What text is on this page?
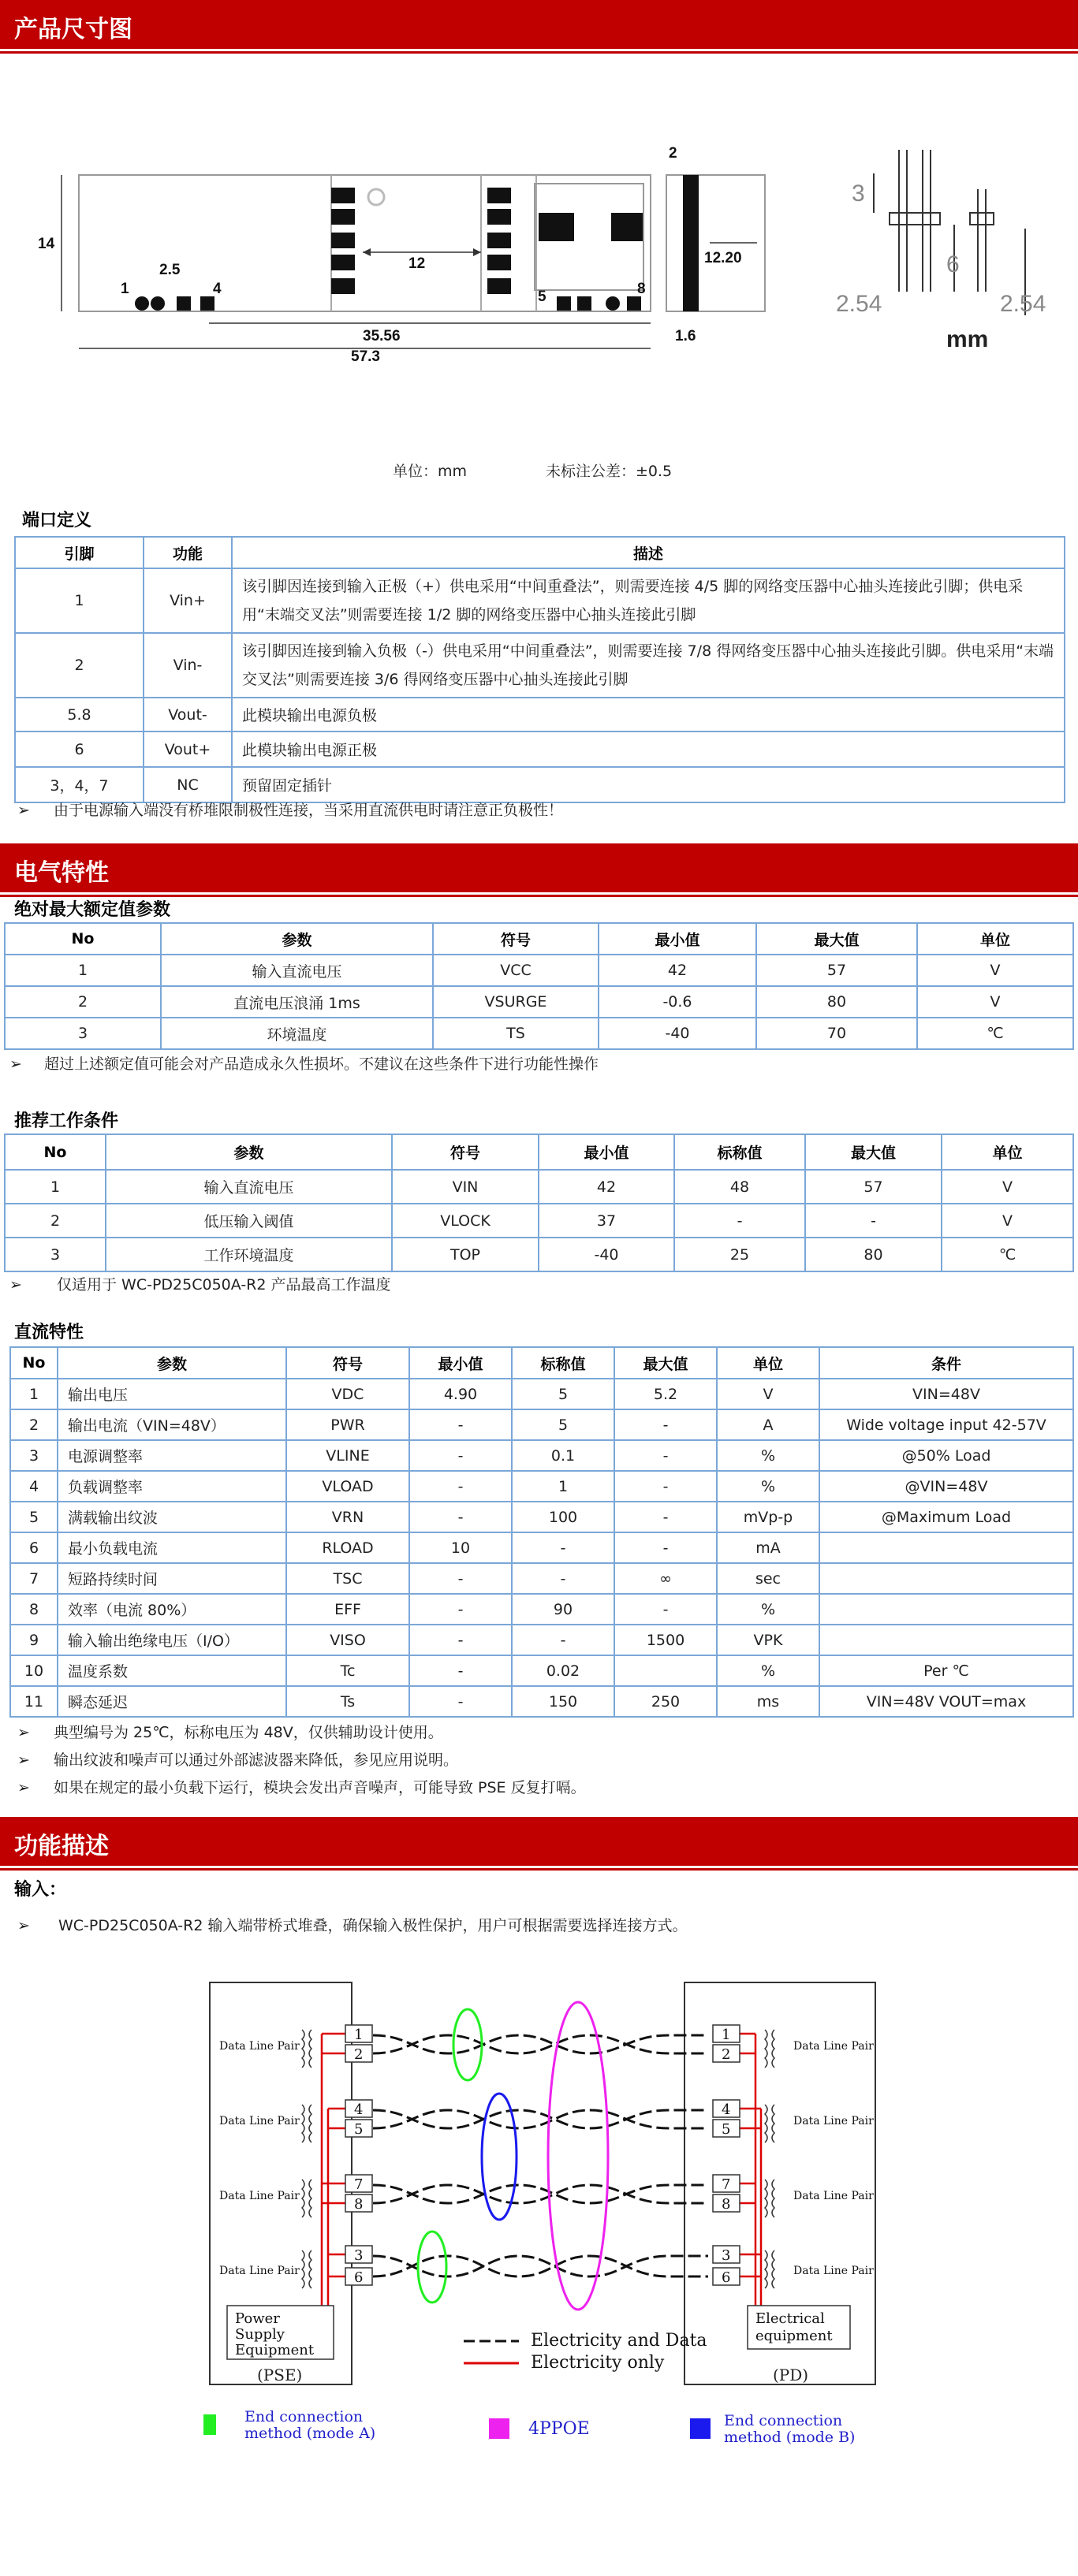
产品尺寸图
12
14
2.5
1	4	5	8
35.56
57.3
12.20
2
1.6
3
6
2.54	2.54
mm
单位：mm	未标注公差：±0.5
端口定义
引脚	功能	描述
1	Vin+	该引脚因连接到输入正极（+）供电采用“中间重叠法”，则需要连接 4/5 脚的网络变压器中心抽头连接此引脚；供电采用“末端交叉法”则需要连接 1/2 脚的网络变压器中心抽头连接此引脚
2	Vin-	该引脚因连接到输入负极（-）供电采用“中间重叠法”，则需要连接 7/8 得网络变压器中心抽头连接此引脚。供电采用“末端交叉法”则需要连接 3/6 得网络变压器中心抽头连接此引脚
5.8	Vout-	此模块输出电源负极
6	Vout+	此模块输出电源正极
3，4，7	NC	预留固定插针
➢ 由于电源输入端没有桥堆限制极性连接，当采用直流供电时请注意正负极性！
电气特性
绝对最大额定值参数
No	参数	符号	最小值	最大值	单位
1	输入直流电压	VCC	42	57	V
2	直流电压浪涌 1ms	VSURGE	-0.6	80	V
3	环境温度	TS	-40	70	℃
➢ 超过上述额定值可能会对产品造成永久性损坏。不建议在这些条件下进行功能性操作
推荐工作条件
No	参数	符号	最小值	标称值	最大值	单位
1	输入直流电压	VIN	42	48	57	V
2	低压输入阈值	VLOCK	37	-	-	V
3	工作环境温度	TOP	-40	25	80	℃
➢ 仅适用于 WC-PD25C050A-R2 产品最高工作温度
直流特性
No	参数	符号	最小值	标称值	最大值	单位	条件
1	输出电压	VDC	4.90	5	5.2	V	VIN=48V
2	输出电流（VIN=48V）	PWR	-	5	-	A	Wide voltage input 42-57V
3	电源调整率	VLINE	-	0.1	-	%	@50% Load
4	负载调整率	VLOAD	-	1	-	%	@VIN=48V
5	满载输出纹波	VRN	-	100	-	mVp-p	@Maximum Load
6	最小负载电流	RLOAD	10	-	-	mA	
7	短路持续时间	TSC	-	-	∞	sec	
8	效率（电流 80%）	EFF	-	90	-	%	
9	输入输出绝缘电压（I/O）	VISO	-	-	1500	VPK	
10	温度系数	Tc	-	0.02		%	Per ℃
11	瞬态延迟	Ts	-	150	250	ms	VIN=48V VOUT=max
➢ 典型编号为 25℃，标称电压为 48V，仅供辅助设计使用。
➢ 输出纹波和噪声可以通过外部滤波器来降低，参见应用说明。
➢ 如果在规定的最小负载下运行，模块会发出声音噪声，可能导致 PSE 反复打嗝。
功能描述
输入：
➢ WC-PD25C050A-R2 输入端带桥式堆叠，确保输入极性保护，用户可根据需要选择连接方式。
(PSE)	(PD)
Data Line Pair
Data Line Pair
Data Line Pair
Data Line Pair
Data Line Pair
Data Line Pair
Data Line Pair
Data Line Pair
1
2
4
5
7
8
3
6
1
2
4
5
7
8
3
6
Power
Supply
Equipment
Electrical
equipment
Electricity and Data
Electricity only
End connection
method (mode A)	4PPOE	End connection
method (mode B)
